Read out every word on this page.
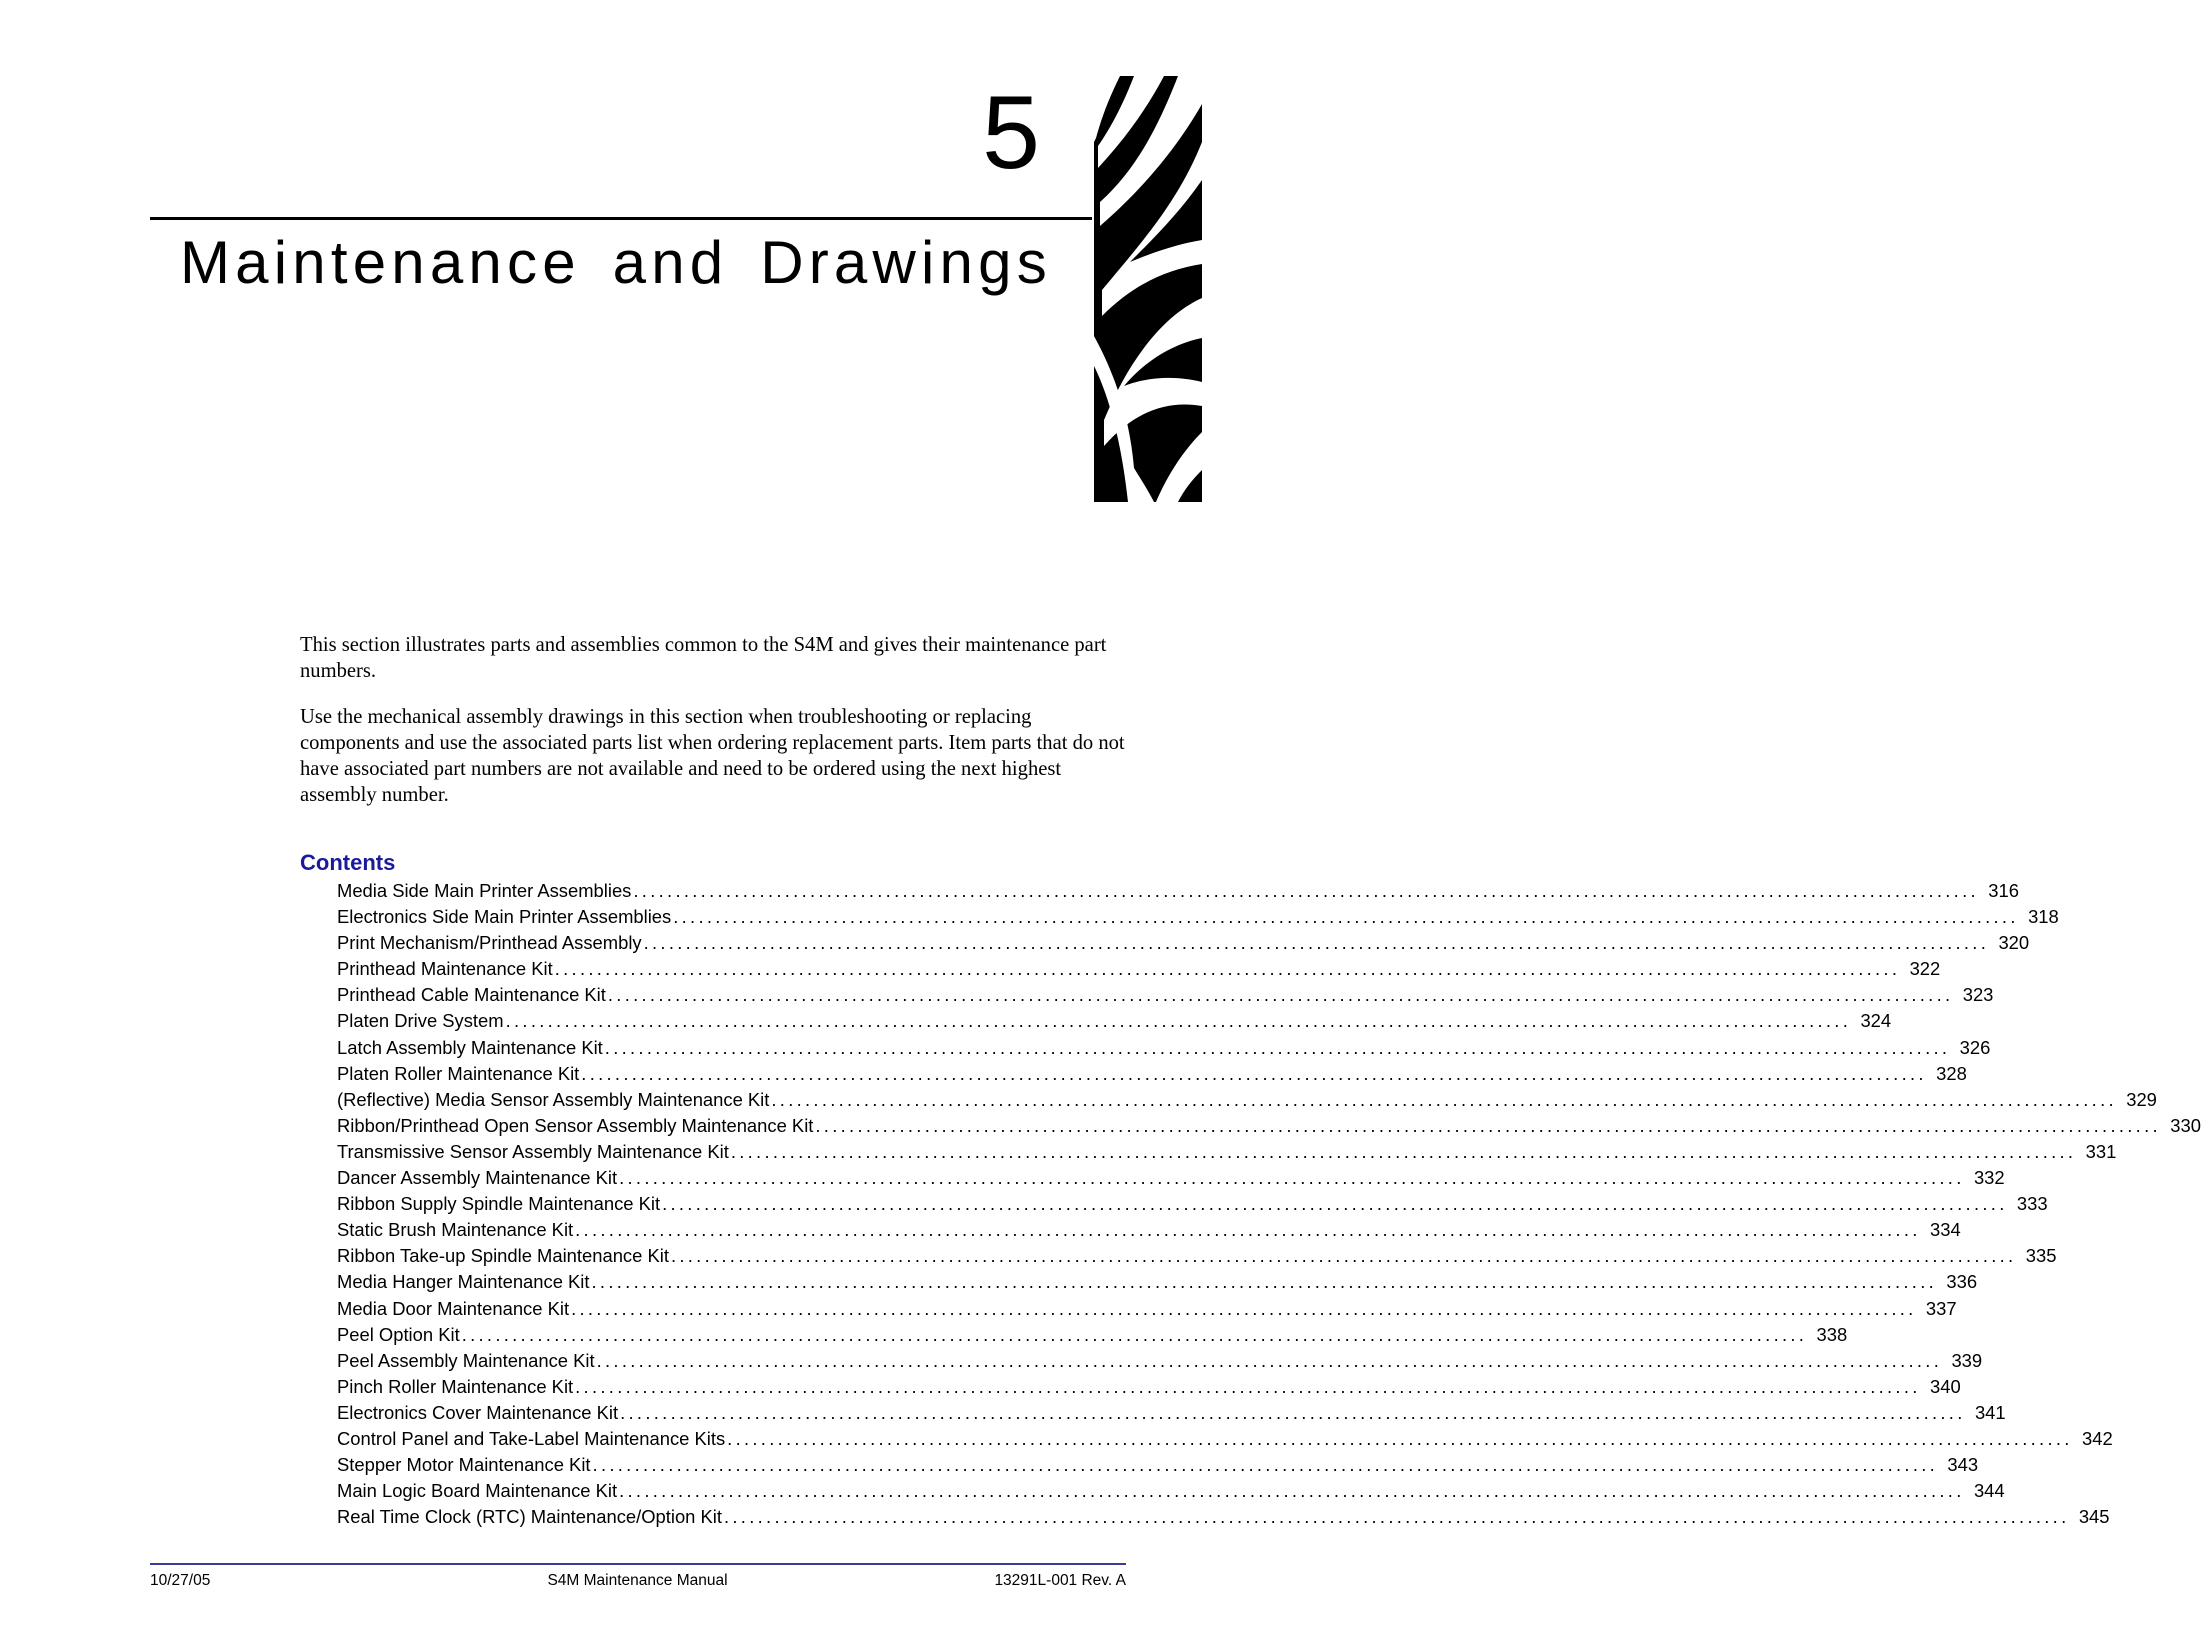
5
Maintenance and Drawings

This section illustrates parts and assemblies common to the S4M and gives their maintenance part numbers.

Use the mechanical assembly drawings in this section when troubleshooting or replacing components and use the associated parts list when ordering replacement parts. Item parts that do not have associated part numbers are not available and need to be ordered using the next highest assembly number.

Contents
Media Side Main Printer Assemblies ................................................................................................................................................................ 316
Electronics Side Main Printer Assemblies ................................................................................................................................................................ 318
Print Mechanism/Printhead Assembly ................................................................................................................................................................ 320
Printhead Maintenance Kit ................................................................................................................................................................ 322
Printhead Cable Maintenance Kit ................................................................................................................................................................ 323
Platen Drive System ................................................................................................................................................................ 324
Latch Assembly Maintenance Kit ................................................................................................................................................................ 326
Platen Roller Maintenance Kit ................................................................................................................................................................ 328
(Reflective) Media Sensor Assembly Maintenance Kit ................................................................................................................................................................ 329
Ribbon/Printhead Open Sensor Assembly Maintenance Kit ................................................................................................................................................................ 330
Transmissive Sensor Assembly Maintenance Kit ................................................................................................................................................................ 331
Dancer Assembly Maintenance Kit ................................................................................................................................................................ 332
Ribbon Supply Spindle Maintenance Kit ................................................................................................................................................................ 333
Static Brush Maintenance Kit ................................................................................................................................................................ 334
Ribbon Take-up Spindle Maintenance Kit ................................................................................................................................................................ 335
Media Hanger Maintenance Kit ................................................................................................................................................................ 336
Media Door Maintenance Kit ................................................................................................................................................................ 337
Peel Option Kit ................................................................................................................................................................ 338
Peel Assembly Maintenance Kit ................................................................................................................................................................ 339
Pinch Roller Maintenance Kit ................................................................................................................................................................ 340
Electronics Cover Maintenance Kit ................................................................................................................................................................ 341
Control Panel and Take-Label Maintenance Kits ................................................................................................................................................................ 342
Stepper Motor Maintenance Kit ................................................................................................................................................................ 343
Main Logic Board Maintenance Kit ................................................................................................................................................................ 344
Real Time Clock (RTC) Maintenance/Option Kit ................................................................................................................................................................ 345
10/27/05	S4M Maintenance Manual	13291L-001 Rev. A
